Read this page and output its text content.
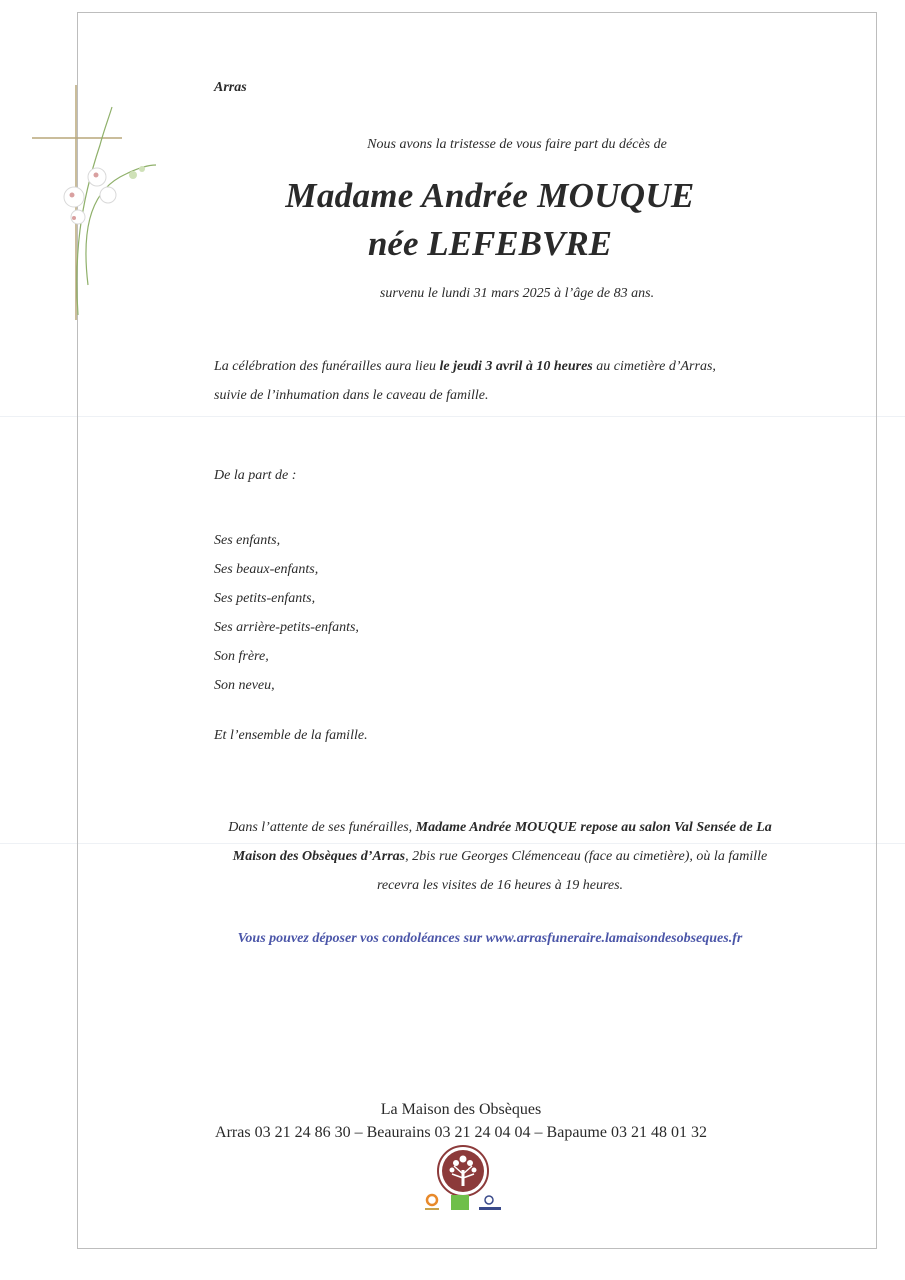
Arras
Nous avons la tristesse de vous faire part du décès de
Madame Andrée MOUQUE
née LEFEBVRE
survenu le lundi 31 mars 2025 à l’âge de 83 ans.
La célébration des funérailles aura lieu le jeudi 3 avril à 10 heures au cimetière d’Arras,
suivie de l’inhumation dans le caveau de famille.
De la part de :
Ses enfants,
Ses beaux-enfants,
Ses petits-enfants,
Ses arrière-petits-enfants,
Son frère,
Son neveu,
Et l’ensemble de la famille.
Dans l’attente de ses funérailles, Madame Andrée MOUQUE repose au salon Val Sensée de La Maison des Obsèques d’Arras, 2bis rue Georges Clémenceau (face au cimetière), où la famille recevra les visites de 16 heures à 19 heures.
Vous pouvez déposer vos condoléances sur www.arrasfuneraire.lamaisondesobseques.fr
La Maison des Obsèques
Arras 03 21 24 86 30 – Beaurains 03 21 24 04 04 – Bapaume 03 21 48 01 32
